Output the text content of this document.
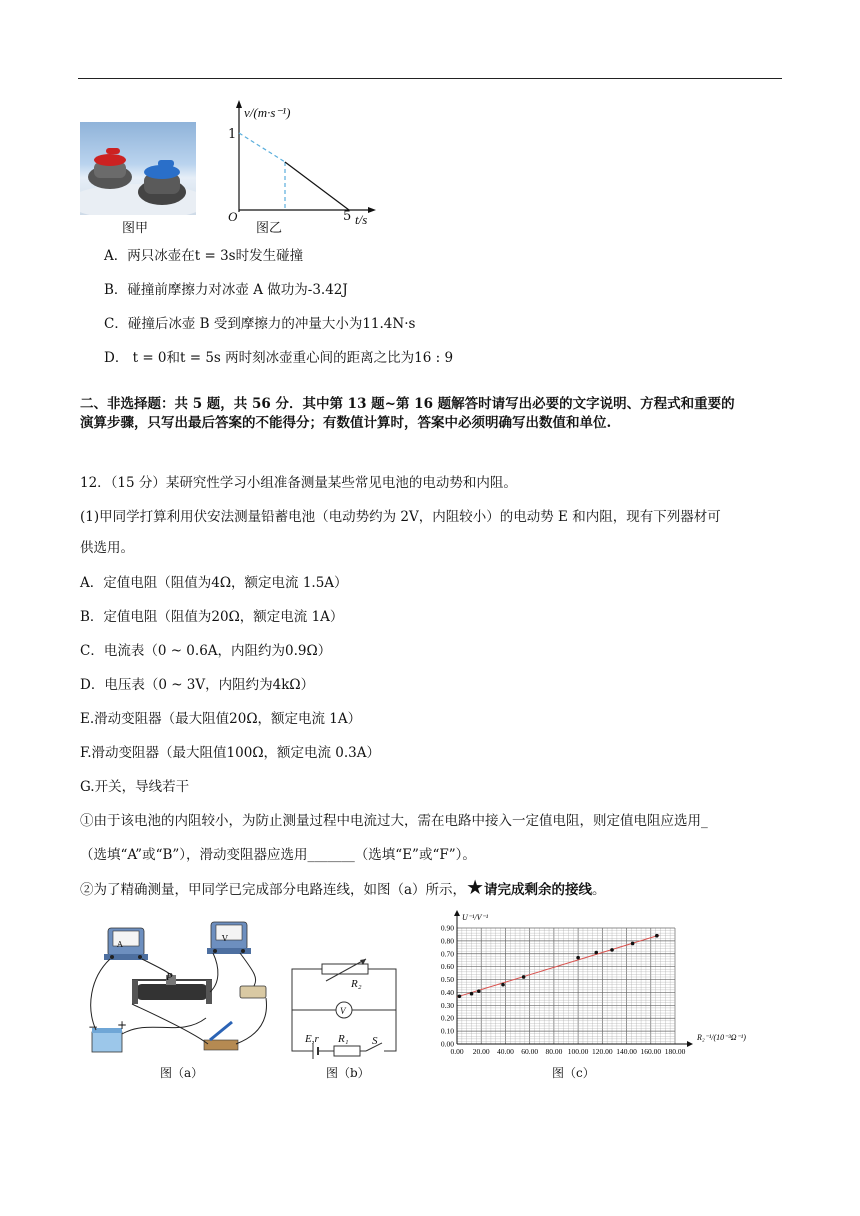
图甲
v/(m·s⁻¹)
1
O	5 t/s
图乙
A．两只冰壶在t = 3s时发生碰撞
B．碰撞前摩擦力对冰壶 A 做功为-3.42J
C．碰撞后冰壶 B 受到摩擦力的冲量大小为11.4N·s
D． t = 0和t = 5s 两时刻冰壶重心间的距离之比为16 : 9
二、非选择题：共 5 题，共 56 分．其中第 13 题~第 16 题解答时请写出必要的文字说明、方程式和重要的
演算步骤，只写出最后答案的不能得分；有数值计算时，答案中必须明确写出数值和单位.
12．（15 分）某研究性学习小组准备测量某些常见电池的电动势和内阻。
(1)甲同学打算利用伏安法测量铅蓄电池（电动势约为 2V，内阻较小）的电动势 E 和内阻，现有下列器材可
供选用。
A．定值电阻（阻值为4Ω，额定电流 1.5A）
B．定值电阻（阻值为20Ω，额定电流 1A）
C．电流表（0 ~ 0.6A，内阻约为0.9Ω）
D．电压表（0 ~ 3V，内阻约为4kΩ）
E.滑动变阻器（最大阻值20Ω，额定电流 1A）
F.滑动变阻器（最大阻值100Ω，额定电流 0.3A）
G.开关，导线若干
①由于该电池的内阻较小，为防止测量过程中电流过大，需在电路中接入一定值电阻，则定值电阻应选用_
（选填“A”或“B”），滑动变阻器应选用_______（选填“E”或“F”）。
②为了精确测量，甲同学已完成部分电路连线，如图（a）所示，★请完成剩余的接线。
P
− +
A
V
图（a）
R₂
V
E,r R₁ S
图（b）
0.00
0.10
0.20
0.30
0.40
0.50
0.60
0.70
0.80
0.90
0.00 20.00 40.00 60.00 80.00 100.00 120.00 140.00 160.00 180.00
U⁻¹/V⁻¹
R₂⁻¹/(10⁻³Ω⁻¹)
图（c）
